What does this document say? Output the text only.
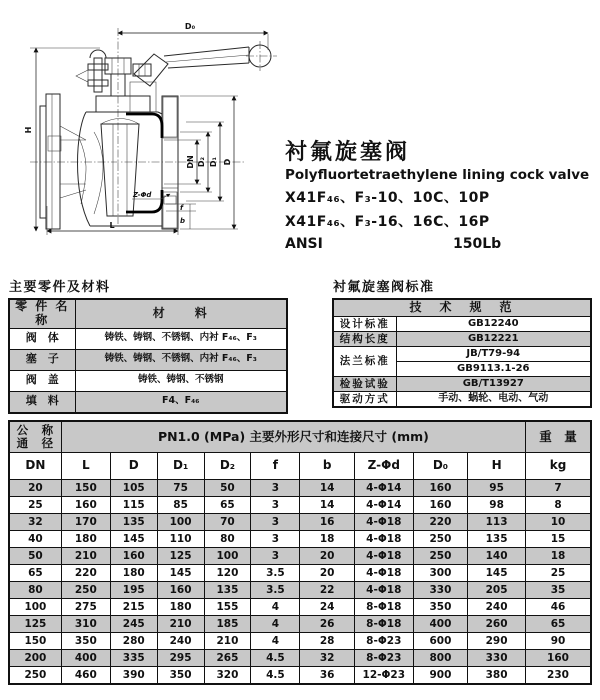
D₀
H
L
DN D₂ D₁ D
Z-Φd
f
b
衬氟旋塞阀
Polyfluortetraethylene lining cock valve
X41F₄₆、F₃-10、10C、10P
X41F₄₆、F₃-16、16C、16P
ANSI	150Lb
主要零件及材料
零 件 名 称	材　　料
阀　体	铸铁、铸钢、不锈钢、内衬 F₄₆、F₃
塞　子	铸铁、铸钢、不锈钢、内衬 F₄₆、F₃
阀　盖	铸铁、铸钢、不锈钢
填　料	F4、F₄₆
衬氟旋塞阀标准
技　术　规　范	
设计标准	GB12240
结构长度	GB12221
法兰标准	JB/T79-94
	GB9113.1-26
检验试验	GB/T13927
驱动方式	手动、蜗轮、电动、气动
公　称
通　径	PN1.0 (MPa) 主要外形尺寸和连接尺寸 (mm)									重　量
DN	L	D	D₁	D₂	f	b	Z-Φd	D₀	H	kg
20	150	105	75	50	3	14	4-Φ14	160	95	7
25	160	115	85	65	3	14	4-Φ14	160	98	8
32	170	135	100	70	3	16	4-Φ18	220	113	10
40	180	145	110	80	3	18	4-Φ18	250	135	15
50	210	160	125	100	3	20	4-Φ18	250	140	18
65	220	180	145	120	3.5	20	4-Φ18	300	145	25
80	250	195	160	135	3.5	22	4-Φ18	330	205	35
100	275	215	180	155	4	24	8-Φ18	350	240	46
125	310	245	210	185	4	26	8-Φ18	400	260	65
150	350	280	240	210	4	28	8-Φ23	600	290	90
200	400	335	295	265	4.5	32	8-Φ23	800	330	160
250	460	390	350	320	4.5	36	12-Φ23	900	380	230
